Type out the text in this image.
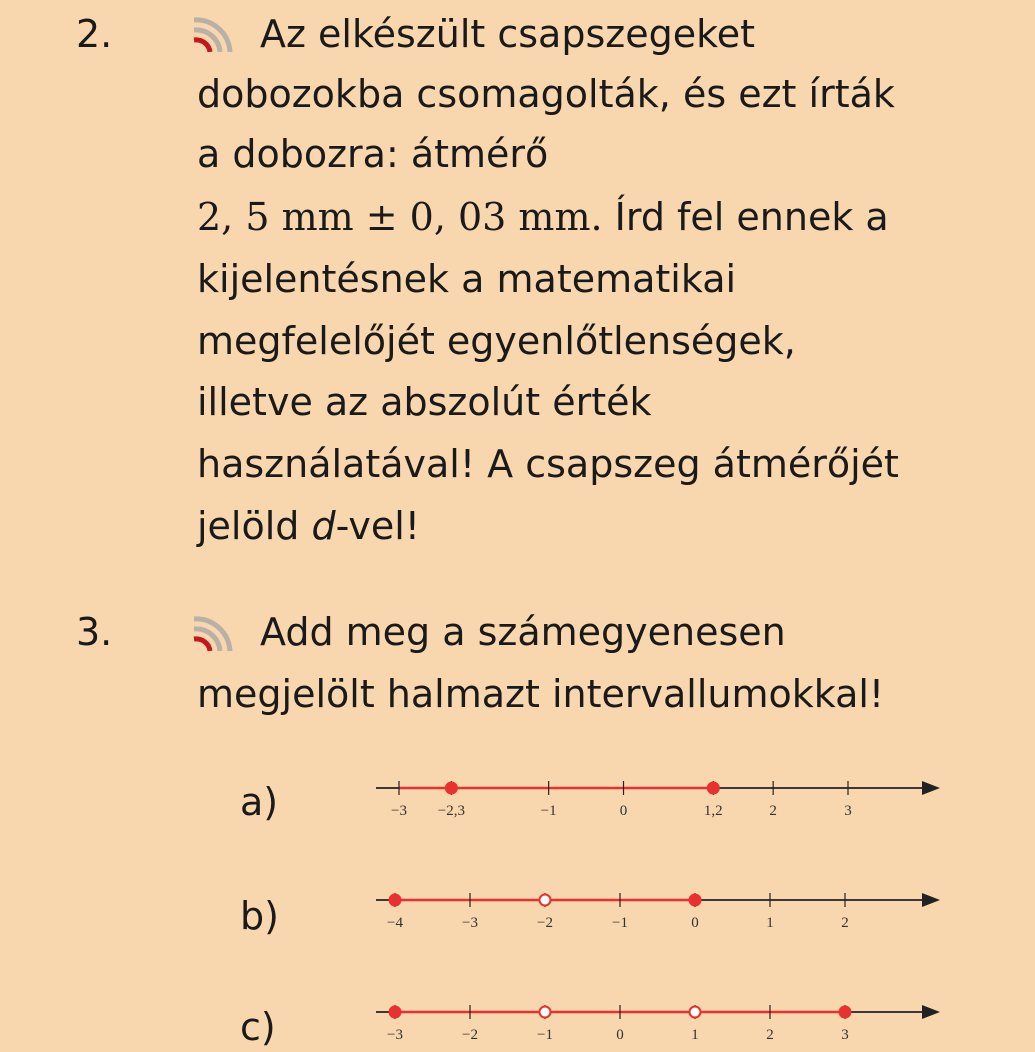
2.	Az elkészült csapszegeket
dobozokba csomagolták, és ezt írták
a dobozra: átmérő
2, 5 mm ± 0, 03 mm. Írd fel ennek a
kijelentésnek a matematikai
megfelelőjét egyenlőtlenségek,
illetve az abszolút érték
használatával! A csapszeg átmérőjét
jelöld d-vel!
3.	Add meg a számegyenesen
megjelölt halmazt intervallumokkal!
a)	−3 −2,3	−1	0	1,2	2	3
b)	−4	−3	−2	−1	0	1	2
c)	−3	−2	−1	0	1	2	3
